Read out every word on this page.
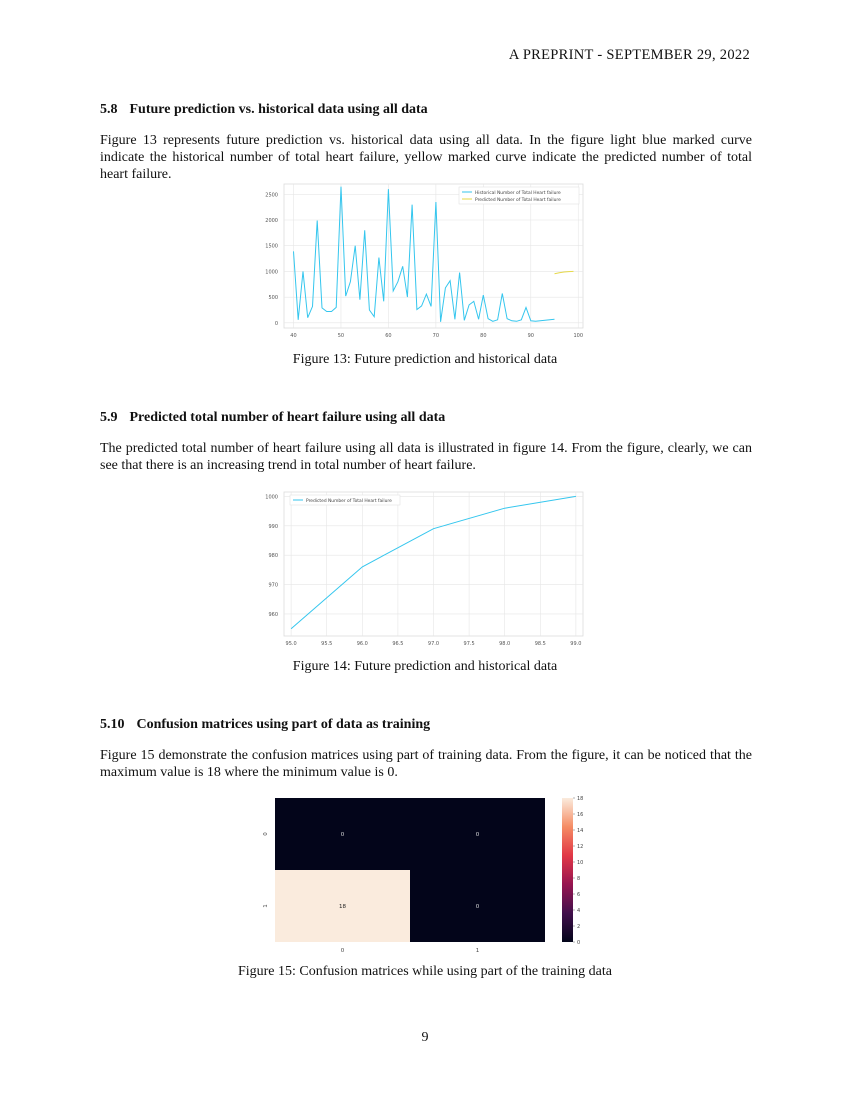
A PREPRINT - SEPTEMBER 29, 2022
5.8 Future prediction vs. historical data using all data

Figure 13 represents future prediction vs. historical data using all data. In the figure light blue marked curve indicate the historical number of total heart failure, yellow marked curve indicate the predicted number of total heart failure.

40	50	60	70	80	90	100
0
500
1000
1500
2000
2500	Historical Number of Total Heart failure
Predicted Number of Total Heart failure
Figure 13: Future prediction and historical data
5.9 Predicted total number of heart failure using all data

The predicted total number of heart failure using all data is illustrated in figure 14. From the figure, clearly, we can see that there is an increasing trend in total number of heart failure.

95.0	95.5	96.0	96.5	97.0	97.5	98.0	98.5	99.0
960
970
980
990
1000
Predicted Number of Total Heart failure
Figure 14: Future prediction and historical data
5.10 Confusion matrices using part of data as training

Figure 15 demonstrate the confusion matrices using part of training data. From the figure, it can be noticed that the maximum value is 18 where the minimum value is 0.

0	0
18	0
0
1
0	1
0
2
4
6
8
10
12
14
16
18
Figure 15: Confusion matrices while using part of the training data
9
